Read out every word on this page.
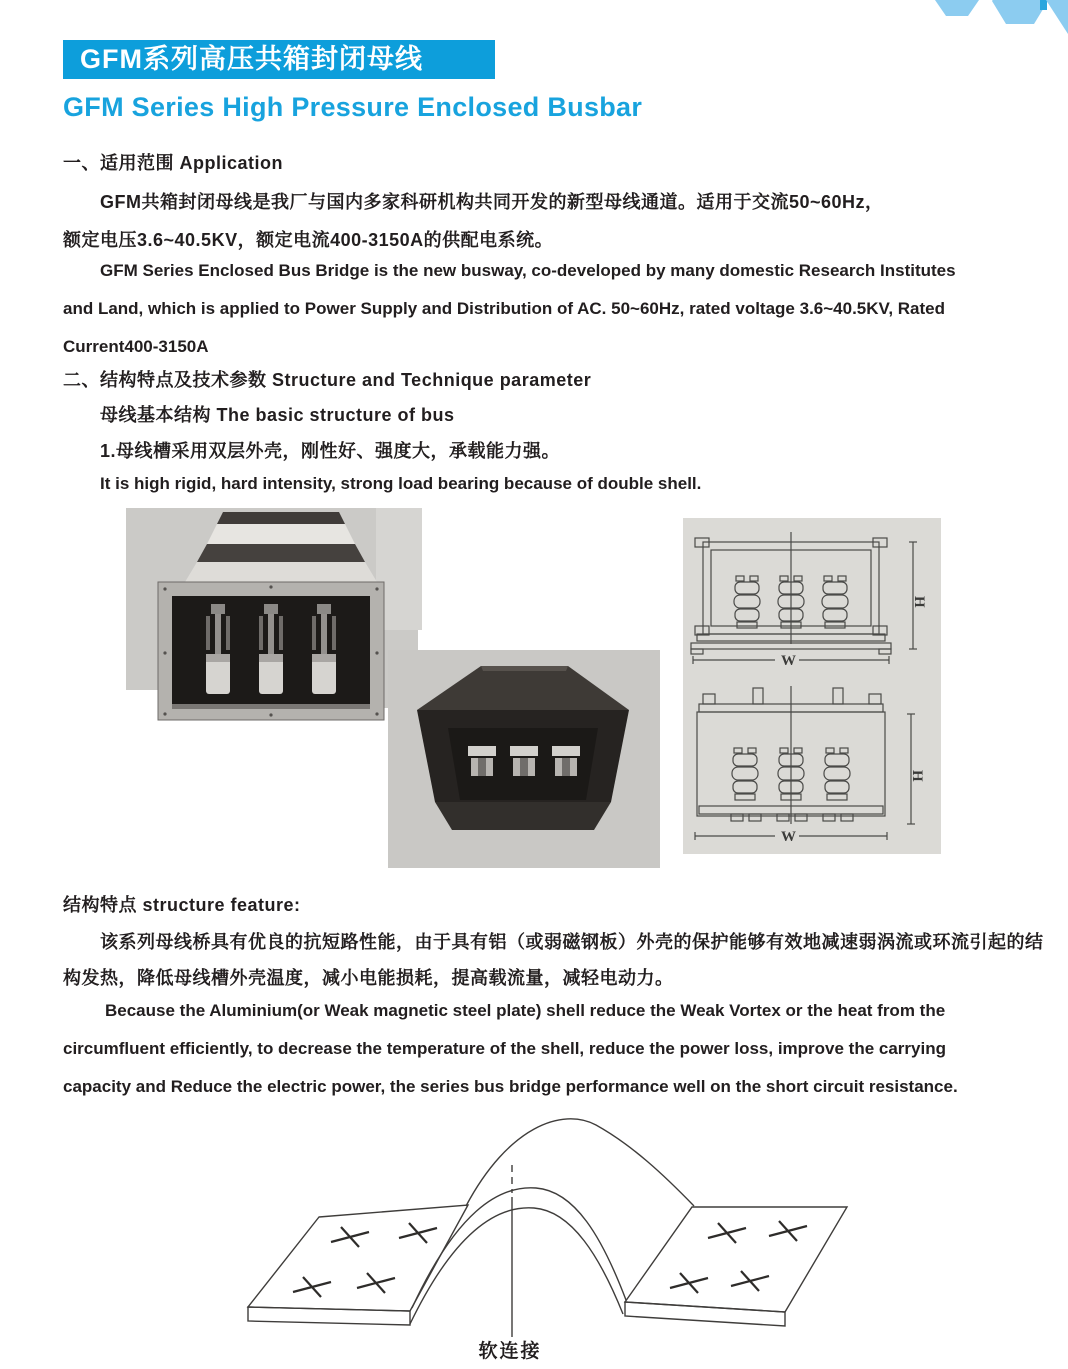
GFM系列高压共箱封闭母线
GFM Series High Pressure Enclosed Busbar
一、适用范围 Application
GFM共箱封闭母线是我厂与国内多家科研机构共同开发的新型母线通道。适用于交流50~60Hz，
额定电压3.6~40.5KV，额定电流400-3150A的供配电系统。
GFM Series Enclosed Bus Bridge is the new busway, co-developed by many domestic Research Institutes
and Land, which is applied to Power Supply and Distribution of AC. 50~60Hz, rated voltage 3.6~40.5KV, Rated
Current400-3150A
二、结构特点及技术参数 Structure and Technique parameter
母线基本结构 The basic structure of bus
1.母线槽采用双层外壳，刚性好、强度大，承载能力强。
It is high rigid, hard intensity, strong load bearing because of double shell.
W
H
W
H
结构特点 structure feature:
该系列母线桥具有优良的抗短路性能，由于具有铝（或弱磁钢板）外壳的保护能够有效地减速弱涡流或环流引起的结
构发热，降低母线槽外壳温度，减小电能损耗，提高载流量，减轻电动力。
Because the Aluminium(or Weak magnetic steel plate) shell reduce the Weak Vortex or the heat from the
circumfluent efficiently, to decrease the temperature of the shell, reduce the power loss, improve the carrying
capacity and Reduce the electric power, the series bus bridge performance well on the short circuit resistance.
软连接
